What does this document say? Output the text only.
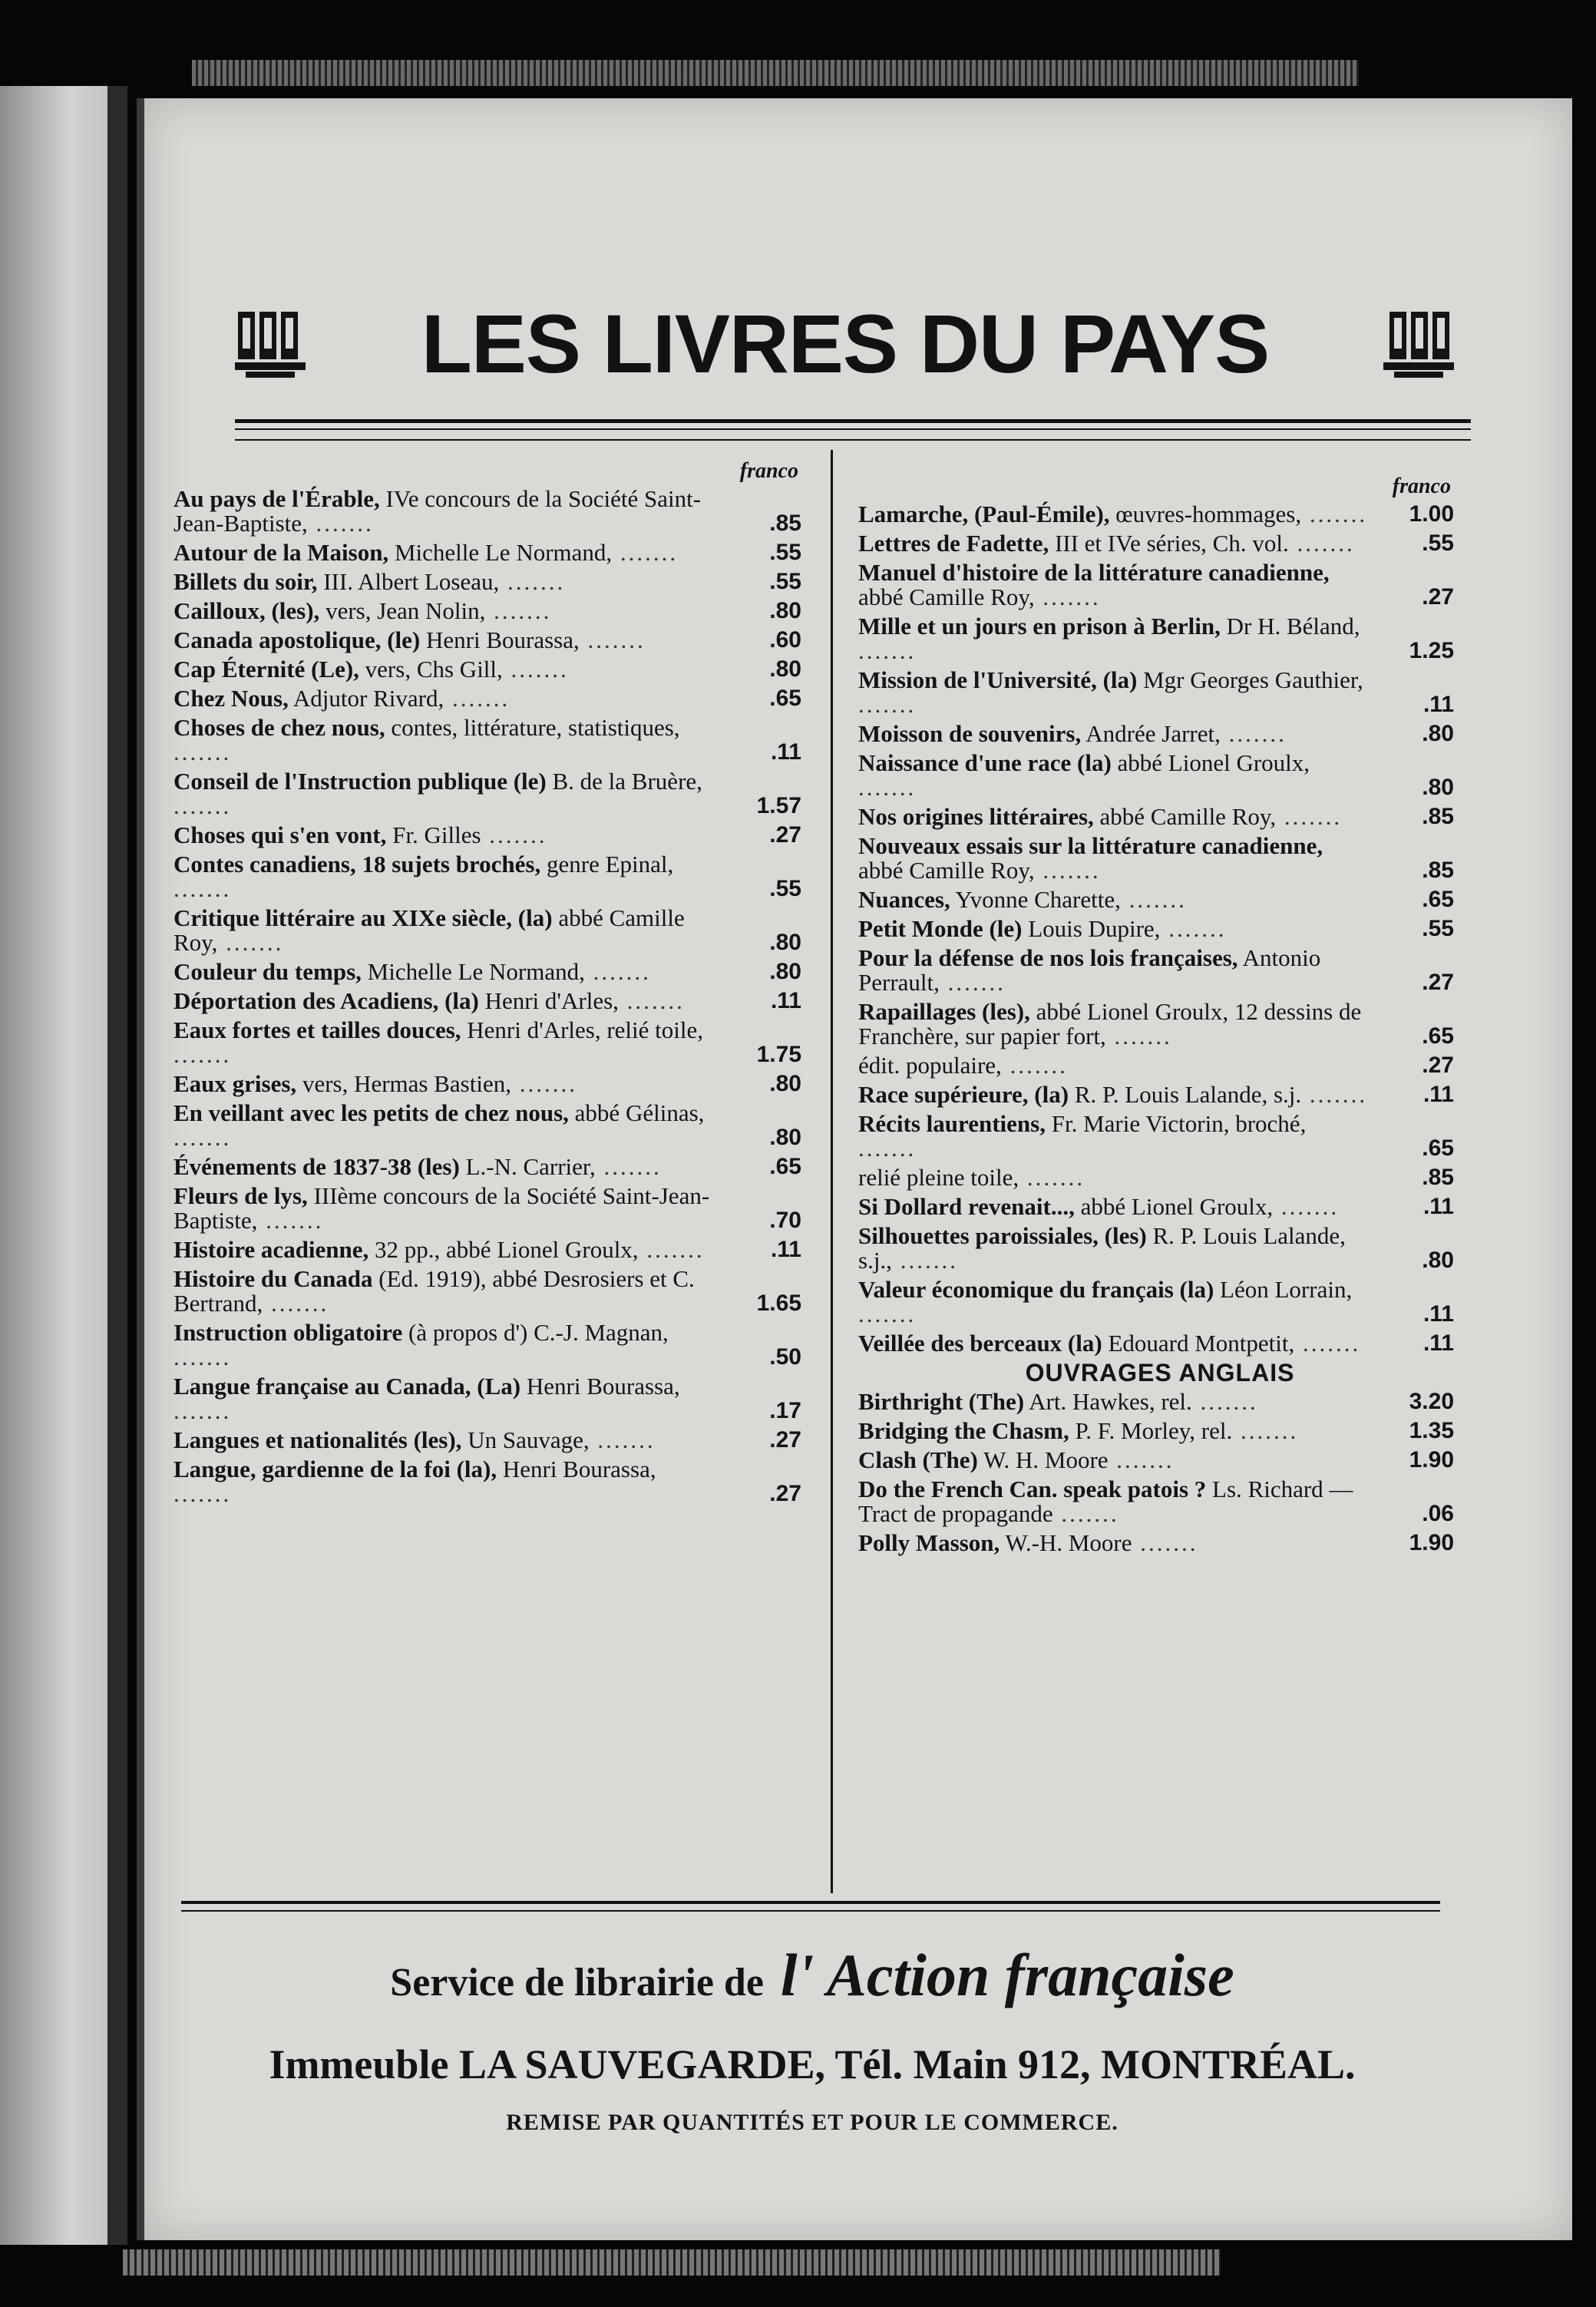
LES LIVRES DU PAYS
franco
Au pays de l'Érable, IVe concours de la Société Saint-Jean-Baptiste, .......	.85
Autour de la Maison, Michelle Le Normand, .......	.55
Billets du soir, III. Albert Loseau, .......	.55
Cailloux, (les), vers, Jean Nolin, .......	.80
Canada apostolique, (le) Henri Bourassa, .......	.60
Cap Éternité (Le), vers, Chs Gill, .......	.80
Chez Nous, Adjutor Rivard, .......	.65
Choses de chez nous, contes, littérature, statistiques, .......	.11
Conseil de l'Instruction publique (le) B. de la Bruère, .......	1.57
Choses qui s'en vont, Fr. Gilles .......	.27
Contes canadiens, 18 sujets brochés, genre Epinal, .......	.55
Critique littéraire au XIXe siècle, (la) abbé Camille Roy, .......	.80
Couleur du temps, Michelle Le Normand, .......	.80
Déportation des Acadiens, (la) Henri d'Arles, .......	.11
Eaux fortes et tailles douces, Henri d'Arles, relié toile, .......	1.75
Eaux grises, vers, Hermas Bastien, .......	.80
En veillant avec les petits de chez nous, abbé Gélinas, .......	.80
Événements de 1837-38 (les) L.-N. Carrier, .......	.65
Fleurs de lys, IIIème concours de la Société Saint-Jean-Baptiste, .......	.70
Histoire acadienne, 32 pp., abbé Lionel Groulx, .......	.11
Histoire du Canada (Ed. 1919), abbé Desrosiers et C. Bertrand, .......	1.65
Instruction obligatoire (à propos d') C.-J. Magnan, .......	.50
Langue française au Canada, (La) Henri Bourassa, .......	.17
Langues et nationalités (les), Un Sauvage, .......	.27
Langue, gardienne de la foi (la), Henri Bourassa, .......	.27
franco
Lamarche, (Paul-Émile), œuvres-hommages, .......	1.00
Lettres de Fadette, III et IVe séries, Ch. vol. .......	.55
Manuel d'histoire de la littérature canadienne, abbé Camille Roy, .......	.27
Mille et un jours en prison à Berlin, Dr H. Béland, .......	1.25
Mission de l'Université, (la) Mgr Georges Gauthier, .......	.11
Moisson de souvenirs, Andrée Jarret, .......	.80
Naissance d'une race (la) abbé Lionel Groulx, .......	.80
Nos origines littéraires, abbé Camille Roy, .......	.85
Nouveaux essais sur la littérature canadienne, abbé Camille Roy, .......	.85
Nuances, Yvonne Charette, .......	.65
Petit Monde (le) Louis Dupire, .......	.55
Pour la défense de nos lois françaises, Antonio Perrault, .......	.27
Rapaillages (les), abbé Lionel Groulx, 12 dessins de Franchère, sur papier fort, .......	.65
édit. populaire, .......	.27
Race supérieure, (la) R. P. Louis Lalande, s.j. .......	.11
Récits laurentiens, Fr. Marie Victorin, broché, .......	.65
relié pleine toile, .......	.85
Si Dollard revenait..., abbé Lionel Groulx, .......	.11
Silhouettes paroissiales, (les) R. P. Louis Lalande, s.j., .......	.80
Valeur économique du français (la) Léon Lorrain, .......	.11
Veillée des berceaux (la) Edouard Montpetit, .......	.11
OUVRAGES ANGLAIS
Birthright (The) Art. Hawkes, rel. .......	3.20
Bridging the Chasm, P. F. Morley, rel. .......	1.35
Clash (The) W. H. Moore .......	1.90
Do the French Can. speak patois ? Ls. Richard — Tract de propagande .......	.06
Polly Masson, W.-H. Moore .......	1.90
Service de librairie de l' Action française
Immeuble LA SAUVEGARDE, Tél. Main 912, MONTRÉAL.
REMISE PAR QUANTITÉS ET POUR LE COMMERCE.
